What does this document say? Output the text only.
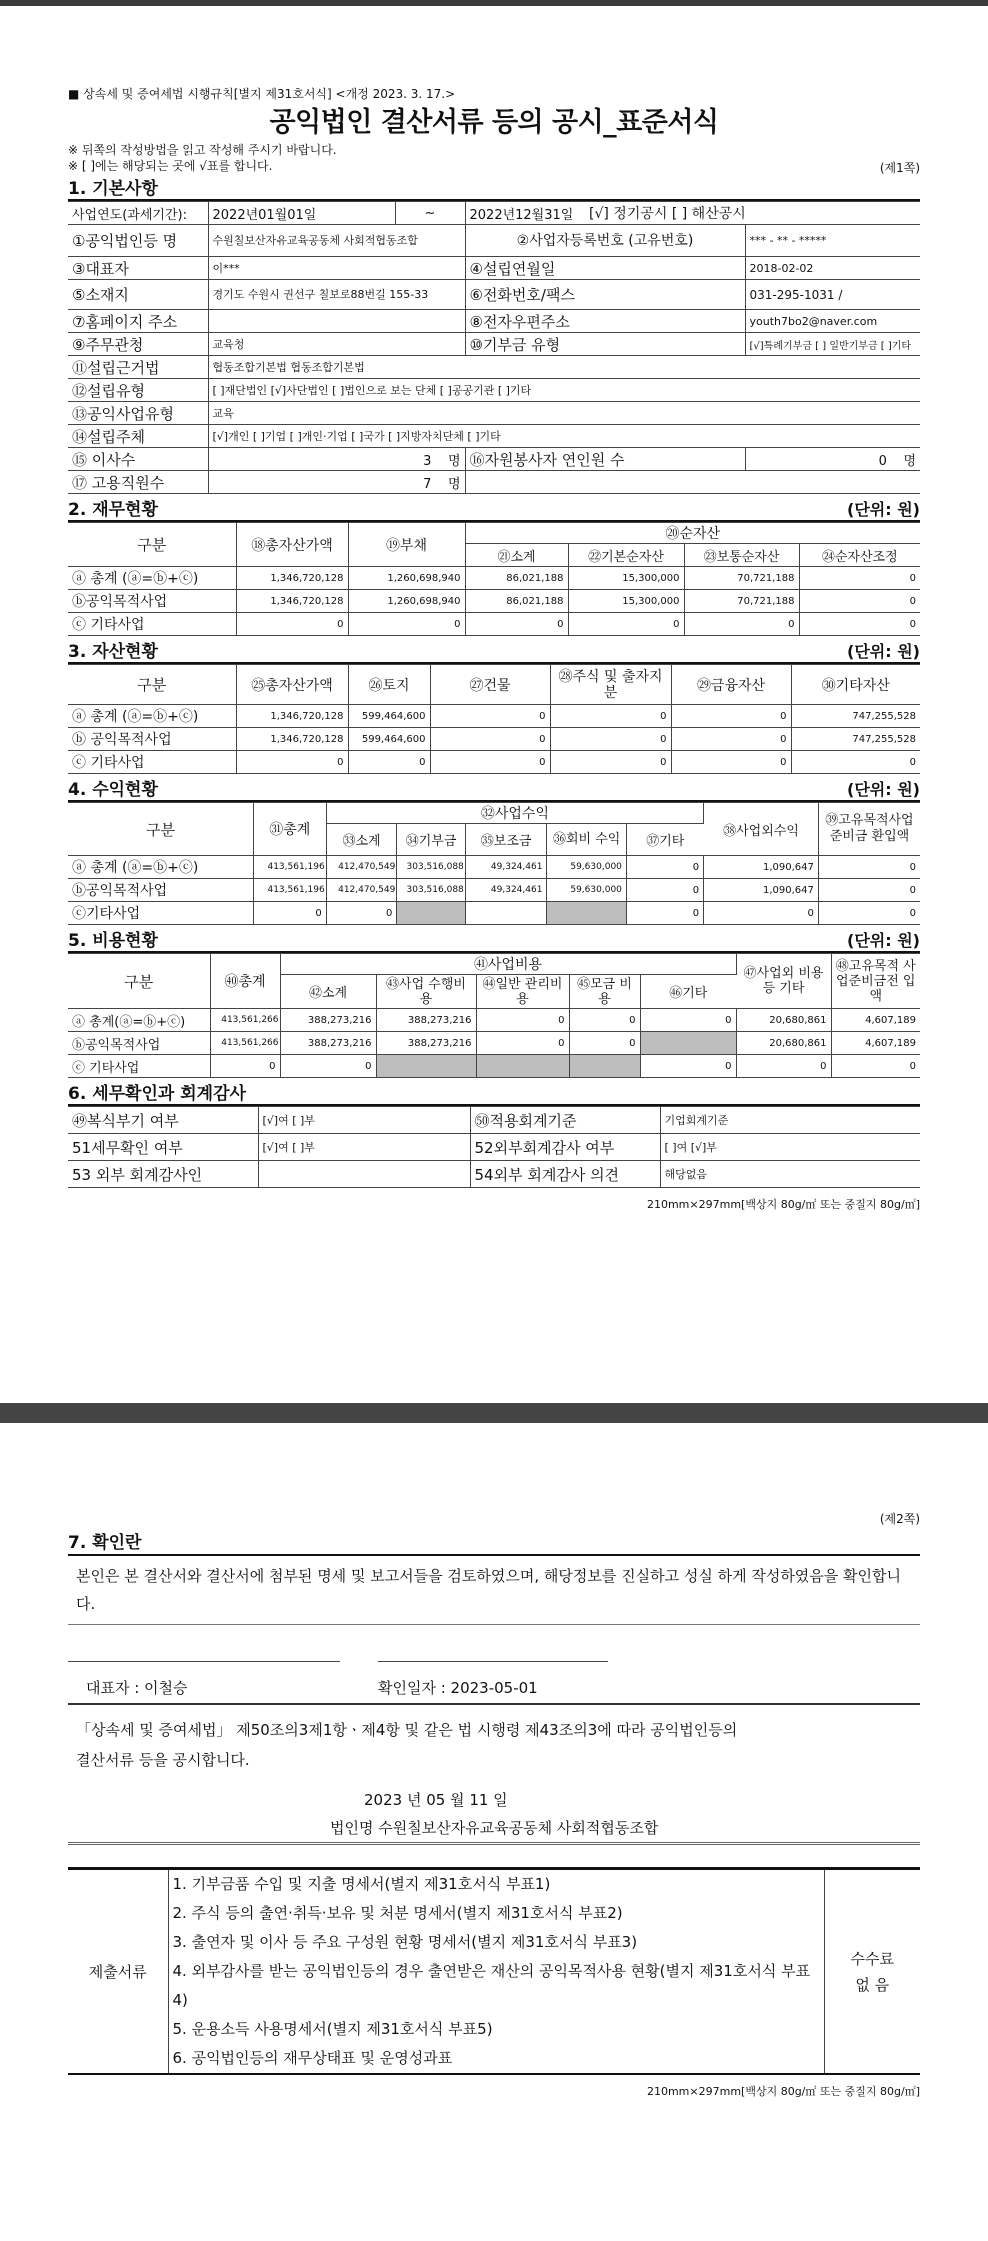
■ 상속세 및 증여세법 시행규칙[별지 제31호서식] <개정 2023. 3. 17.>
공익법인 결산서류 등의 공시_표준서식
※ 뒤쪽의 작성방법을 읽고 작성해 주시기 바랍니다.
※ [ ]에는 해당되는 곳에 √표를 합니다.	(제1쪽)
1. 기본사항
사업연도(과세기간):	2022년01월01일	~	2022년12월31일	[√] 정기공시 [ ] 해산공시	
①공익법인등 명	수원칠보산자유교육공동체 사회적협동조합		②사업자등록번호 (고유번호)		*** - ** - *****
③대표자	이***		④설립연월일		2018-02-02
⑤소재지	경기도 수원시 권선구 칠보로88번길 155-33		⑥전화번호/팩스		031-295-1031 /
⑦홈페이지 주소			⑧전자우편주소		youth7bo2@naver.com
⑨주무관청	교육청		⑩기부금 유형		[√]특례기부금 [ ] 일반기부금 [ ]기타
⑪설립근거법	협동조합기본법 협동조합기본법				
⑫설립유형	[ ]재단법인 [√]사단법인 [ ]법인으로 보는 단체 [ ]공공기관 [ ]기타				
⑬공익사업유형	교육				
⑭설립주체	[√]개인 [ ]기업 [ ]개인·기업 [ ]국가 [ ]지방자치단체 [ ]기타				
⑮ 이사수	3 명		⑯자원봉사자 연인원 수		0 명
⑰ 고용직원수	7 명				
2. 재무현황	(단위: 원)
구분	⑱총자산가액	⑲부채	⑳순자산			
			㉑소계	㉒기본순자산	㉓보통순자산	㉔순자산조정
ⓐ 총계 (ⓐ=ⓑ+ⓒ)	1,346,720,128	1,260,698,940	86,021,188	15,300,000	70,721,188	0
ⓑ공익목적사업	1,346,720,128	1,260,698,940	86,021,188	15,300,000	70,721,188	0
ⓒ 기타사업	0	0	0	0	0	0
3. 자산현황	(단위: 원)
구분	㉕총자산가액	㉖토지	㉗건물	㉘주식 및 출자지분	㉙금융자산	㉚기타자산
ⓐ 총계 (ⓐ=ⓑ+ⓒ)	1,346,720,128	599,464,600	0	0	0	747,255,528
ⓑ 공익목적사업	1,346,720,128	599,464,600	0	0	0	747,255,528
ⓒ 기타사업	0	0	0	0	0	0
4. 수익현황	(단위: 원)
구분	㉛총계	㉜사업수익					㊳사업외수익	㊴고유목적사업준비금 환입액
		㉝소계	㉞기부금	㉟보조금	㊱회비 수익	㊲기타		
ⓐ 총계 (ⓐ=ⓑ+ⓒ)	413,561,196	412,470,549	303,516,088	49,324,461	59,630,000	0	1,090,647	0
ⓑ공익목적사업	413,561,196	412,470,549	303,516,088	49,324,461	59,630,000	0	1,090,647	0
ⓒ기타사업	0	0				0	0	0
5. 비용현황	(단위: 원)
구분	㊵총계	㊶사업비용					㊼사업외 비용 등 기타	㊽고유목적 사업준비금전 입액
		㊷소계	㊸사업 수행비용	㊹일반 관리비용	㊺모금 비용	㊻기타		
ⓐ 총계(ⓐ=ⓑ+ⓒ)	413,561,266	388,273,216	388,273,216	0	0	0	20,680,861	4,607,189
ⓑ공익목적사업	413,561,266	388,273,216	388,273,216	0	0		20,680,861	4,607,189
ⓒ 기타사업	0	0				0	0	0
6. 세무확인과 회계감사
㊾복식부기 여부	[√]여 [ ]부	㊿적용회계기준	기업회계기준
51세무확인 여부	[√]여 [ ]부	52외부회계감사 여부	[ ]여 [√]부
53 외부 회계감사인		54외부 회계감사 의견	해당없음
210mm×297mm[백상지 80g/㎡ 또는 중질지 80g/㎡]
(제2쪽)
7. 확인란
본인은 본 결산서와 결산서에 첨부된 명세 및 보고서들을 검토하였으며, 해당정보를 진실하고 성실 하게 작성하였음을 확인합니다.
대표자 : 이철승	확인일자 : 2023-05-01
「상속세 및 증여세법」 제50조의3제1항ㆍ제4항 및 같은 법 시행령 제43조의3에 따라 공익법인등의
결산서류 등을 공시합니다.
2023 년 05 월 11 일
법인명 수원칠보산자유교육공동체 사회적협동조합
제출서류	
1. 기부금품 수입 및 지출 명세서(별지 제31호서식 부표1)
2. 주식 등의 출연·취득·보유 및 처분 명세서(별지 제31호서식 부표2)
3. 출연자 및 이사 등 주요 구성원 현황 명세서(별지 제31호서식 부표3)
4. 외부감사를 받는 공익법인등의 경우 출연받은 재산의 공익목적사용 현황(별지 제31호서식 부표4)
5. 운용소득 사용명세서(별지 제31호서식 부표5)
6. 공익법인등의 재무상태표 및 운영성과표

수수료
없 음
210mm×297mm[백상지 80g/㎡ 또는 중질지 80g/㎡]
